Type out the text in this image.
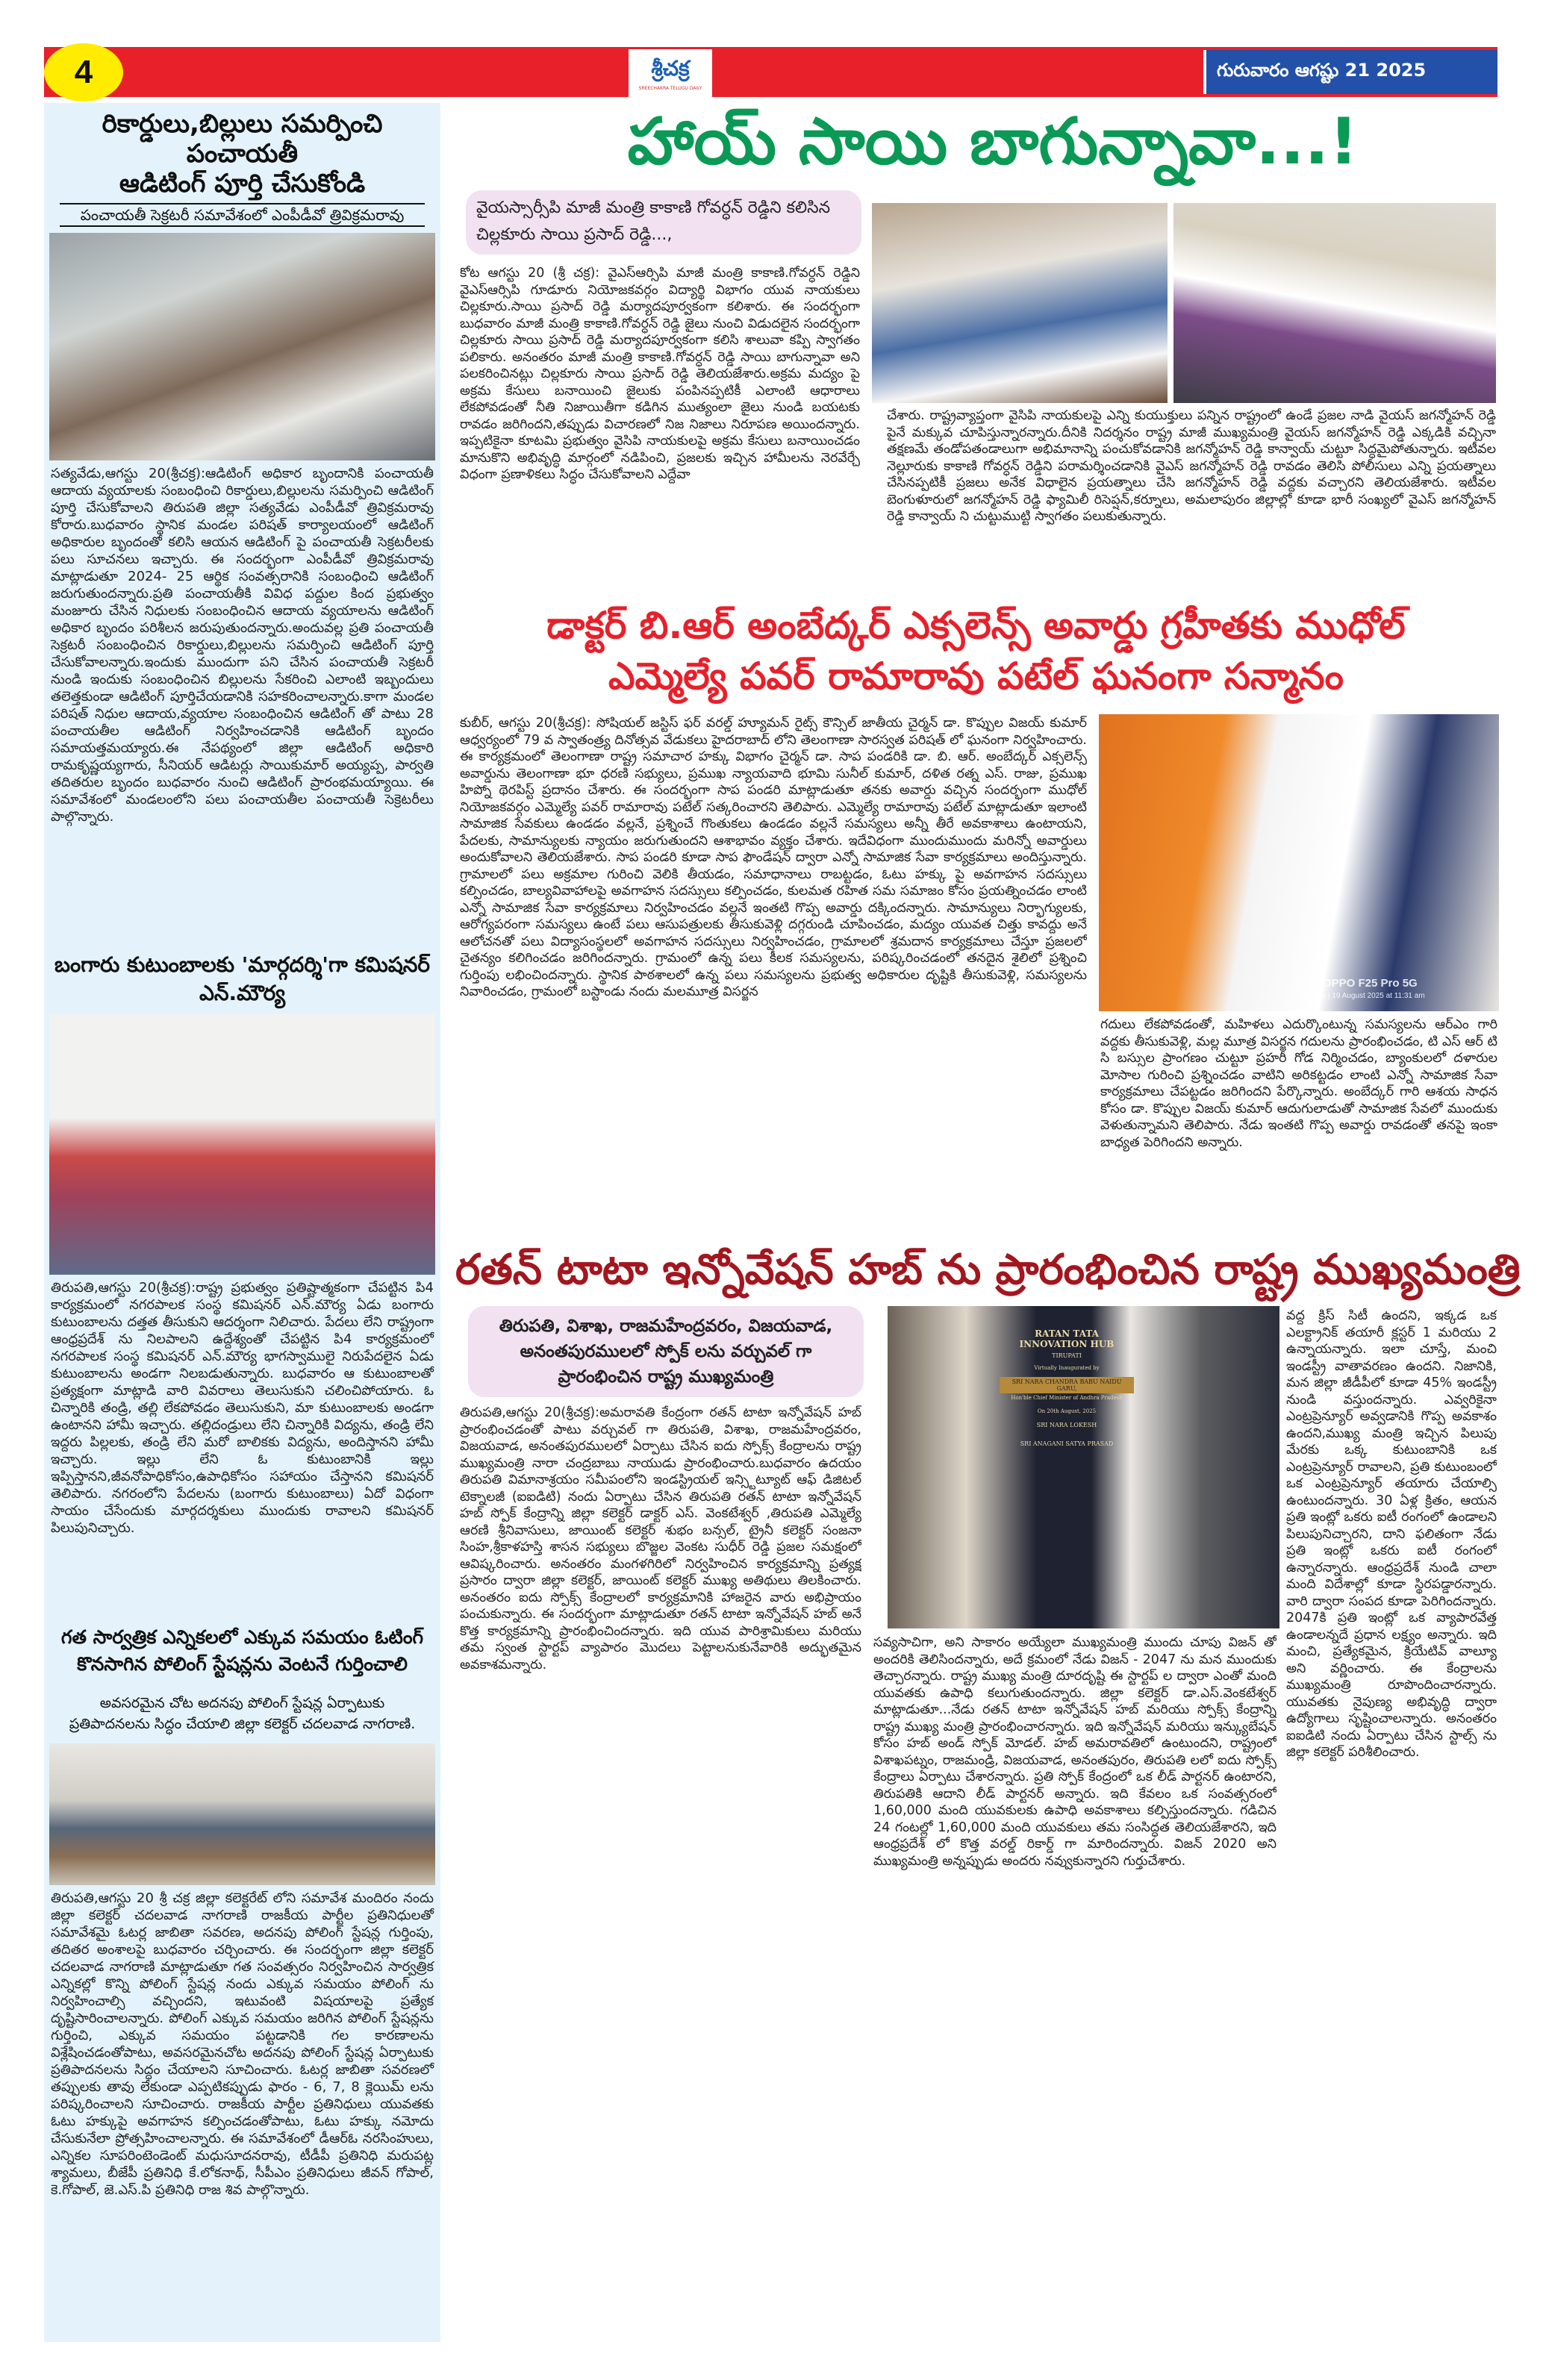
4	శ్రీచక్ర
SREECHAKRA TELUGU DAILY
గురువారం ఆగష్టు 21 2025
రికార్డులు,బిల్లులు సమర్పించి పంచాయతీ
ఆడిటింగ్ పూర్తి చేసుకోండి
పంచాయతీ సెక్రటరీ సమావేశంలో ఎంపీడీవో త్రివిక్రమరావు
సత్యవేడు,ఆగస్టు 20(శ్రీచక్ర):ఆడిటింగ్ అధికార బృందానికి పంచాయతీ ఆదాయ వ్యయాలకు సంబంధించి రికార్డులు,బిల్లులను సమర్పించి ఆడిటింగ్ పూర్తి చేసుకోవాలని తిరుపతి జిల్లా సత్యవేడు ఎంపీడీవో త్రివిక్రమరావు కోరారు.బుధవారం స్థానిక మండల పరిషత్ కార్యాలయంలో ఆడిటింగ్ అధికారుల బృందంతో కలిసి ఆయన ఆడిటింగ్ పై పంచాయతీ సెక్రటరీలకు పలు సూచనలు ఇచ్చారు. ఈ సందర్భంగా ఎంపీడీవో త్రివిక్రమరావు మాట్లాడుతూ 2024- 25 ఆర్థిక సంవత్సరానికి సంబంధించి ఆడిటింగ్ జరుగుతుందన్నారు.ప్రతి పంచాయతీకి వివిధ పద్దుల కింద ప్రభుత్వం మంజూరు చేసిన నిధులకు సంబంధించిన ఆదాయ వ్యయాలను ఆడిటింగ్ అధికార బృందం పరిశీలన జరుపుతుందన్నారు.అందువల్ల ప్రతి పంచాయతీ సెక్రటరీ సంబంధించిన రికార్డులు,బిల్లులను సమర్పించి ఆడిటింగ్ పూర్తి చేసుకోవాలన్నారు.ఇందుకు ముందుగా పని చేసిన పంచాయతీ సెక్రటరీ నుండి ఇందుకు సంబంధించిన బిల్లులను సేకరించి ఎలాంటి ఇబ్బందులు తలెత్తకుండా ఆడిటింగ్ పూర్తిచేయడానికి సహకరించాలన్నారు.కాగా మండల పరిషత్ నిధుల ఆదాయ,వ్యయాల సంబంధించిన ఆడిటింగ్ తో పాటు 28 పంచాయతీల ఆడిటింగ్ నిర్వహించడానికి ఆడిటింగ్ బృందం సమాయత్తమయ్యారు.ఈ నేపథ్యంలో జిల్లా ఆడిటింగ్ అధికారి రామకృష్ణయ్యగారు, సీనియర్ ఆడిటర్లు సాయికుమార్ అయ్యప్ప, పార్వతి తదితరుల బృందం బుధవారం నుంచి ఆడిటింగ్ ప్రారంభమయ్యాయి. ఈ సమావేశంలో మండలంలోని పలు పంచాయతీల పంచాయతీ సెక్రెటరీలు పాల్గొన్నారు.
బంగారు కుటుంబాలకు 'మార్గదర్శి'గా కమిషనర్ ఎన్.మౌర్య
తిరుపతి,ఆగస్టు 20(శ్రీచక్ర):రాష్ట్ర ప్రభుత్వం ప్రతిష్టాత్మకంగా చేపట్టిన పి4 కార్యక్రమంలో నగరపాలక సంస్థ కమిషనర్ ఎన్.మౌర్య ఏడు బంగారు కుటుంబాలను దత్తత తీసుకుని ఆదర్శంగా నిలిచారు. పేదలు లేని రాష్ట్రంగా ఆంధ్రప్రదేశ్ ను నిలపాలని ఉద్దేశ్యంతో చేపట్టిన పి4 కార్యక్రమంలో నగరపాలక సంస్థ కమిషనర్ ఎన్.మౌర్య భాగస్వాములై నిరుపేదలైన ఏడు కుటుంబాలను అండగా నిలబడుతున్నారు. బుధవారం ఆ కుటుంబాలతో ప్రత్యక్షంగా మాట్లాడి వారి వివరాలు తెలుసుకుని చలించిపోయారు. ఓ చిన్నారికి తండ్రి, తల్లి లేకపోవడం తెలుసుకుని, మా కుటుంబాలకు అండగా ఉంటానని హామీ ఇచ్చారు. తల్లిదండ్రులు లేని చిన్నారికి విద్యను, తండ్రి లేని ఇద్దరు పిల్లలకు, తండ్రి లేని మరో బాలికకు విద్యను, అందిస్తానని హామీ ఇచ్చారు. ఇల్లు లేని ఓ కుటుంబానికి ఇల్లు ఇప్పిస్తానని,జీవనోపాధికోసం,ఉపాధికోసం సహాయం చేస్తానని కమిషనర్ తెలిపారు. నగరంలోని పేదలను (బంగారు కుటుంబాలు) ఏదో విధంగా సాయం చేసేందుకు మార్గదర్శకులు ముందుకు రావాలని కమిషనర్ పిలుపునిచ్చారు.
గత సార్వత్రిక ఎన్నికలలో ఎక్కువ సమయం ఓటింగ్
కొనసాగిన పోలింగ్ స్టేషన్లను వెంటనే గుర్తించాలి
అవసరమైన చోట అదనపు పోలింగ్ స్టేషన్ల ఏర్పాటుకు
ప్రతిపాదనలను సిద్ధం చేయాలి జిల్లా కలెక్టర్ చదలవాడ నాగరాణి.
తిరుపతి,ఆగస్టు 20 శ్రీ చక్ర జిల్లా కలెక్టరేట్ లోని సమావేశ మందిరం నందు జిల్లా కలెక్టర్ చదలవాడ నాగరాణి రాజకీయ పార్టీల ప్రతినిధులతో సమావేశమై ఓటర్ల జాబితా సవరణ, అదనపు పోలింగ్ స్టేషన్ల గుర్తింపు, తదితర అంశాలపై బుధవారం చర్చించారు. ఈ సందర్భంగా జిల్లా కలెక్టర్ చదలవాడ నాగరాణి మాట్లాడుతూ గత సంవత్సరం నిర్వహించిన సార్వత్రిక ఎన్నికల్లో కొన్ని పోలింగ్ స్టేషన్ల నందు ఎక్కువ సమయం పోలింగ్ ను నిర్వహించాల్సి వచ్చిందని, ఇటువంటి విషయాలపై ప్రత్యేక దృష్టిసారించాలన్నారు. పోలింగ్ ఎక్కువ సమయం జరిగిన పోలింగ్ స్టేషన్లను గుర్తించి, ఎక్కువ సమయం పట్టడానికి గల కారణాలను విశ్లేషించడంతోపాటు, అవసరమైనచోట అదనపు పోలింగ్ స్టేషన్ల ఏర్పాటుకు ప్రతిపాదనలను సిద్ధం చేయాలని సూచించారు. ఓటర్ల జాబితా సవరణలో తప్పులకు తావు లేకుండా ఎప్పటికప్పుడు ఫారం - 6, 7, 8 క్లెయిమ్ లను పరిష్కరించాలని సూచించారు. రాజకీయ పార్టీల ప్రతినిధులు యువతకు ఓటు హక్కుపై అవగాహన కల్పించడంతోపాటు, ఓటు హక్కు నమోదు చేసుకునేలా ప్రోత్సహించాలన్నారు. ఈ సమావేశంలో డీఆర్ఓ నరసింహులు, ఎన్నికల సూపరింటెండెంట్ మధుసూదనరావు, టీడీపీ ప్రతినిధి మరుపట్ల శ్యామలు, బీజేపీ ప్రతినిధి కే.లోకనాథ్, సీపీఎం ప్రతినిధులు జీవన్ గోపాల్, కె.గోపాల్, జె.ఎస్.పి ప్రతినిధి రాజ శివ పాల్గొన్నారు.
హాయ్ సాయి బాగున్నావా...!
వైయస్సార్సీపి మాజీ మంత్రి కాకాణి గోవర్ధన్ రెడ్డిని కలిసిన చిల్లకూరు సాయి ప్రసాద్ రెడ్డి...,
కోట ఆగస్టు 20 (శ్రీ చక్ర): వైఎస్ఆర్సిపి మాజీ మంత్రి కాకాణి.గోవర్ధన్ రెడ్డిని వైఎస్ఆర్సిపి గూడూరు నియోజకవర్గం విద్యార్థి విభాగం యువ నాయకులు చిల్లకూరు.సాయి ప్రసాద్ రెడ్డి మర్యాదపూర్వకంగా కలిశారు. ఈ సందర్భంగా బుధవారం మాజీ మంత్రి కాకాణి.గోవర్ధన్ రెడ్డి జైలు నుంచి విడుదలైన సందర్భంగా చిల్లకూరు సాయి ప్రసాద్ రెడ్డి మర్యాదపూర్వకంగా కలిసి శాలువా కప్పి స్వాగతం పలికారు. అనంతరం మాజీ మంత్రి కాకాణి.గోవర్ధన్ రెడ్డి సాయి బాగున్నావా అని పలకరించినట్లు చిల్లకూరు సాయి ప్రసాద్ రెడ్డి తెలియజేశారు.అక్రమ మద్యం పై అక్రమ కేసులు బనాయించి జైలుకు పంపినప్పటికీ ఎలాంటి ఆధారాలు లేకపోవడంతో నీతి నిజాయితీగా కడిగిన ముత్యంలా జైలు నుండి బయటకు రావడం జరిగిందని,తప్పుడు విచారణలో నిజ నిజాలు నిరూపణ అయిందన్నారు. ఇప్పటికైనా కూటమి ప్రభుత్వం వైసిపి నాయకులపై అక్రమ కేసులు బనాయించడం మానుకొని అభివృద్ధి మార్గంలో నడిపించి, ప్రజలకు ఇచ్చిన హామీలను నెరవేర్చే విధంగా ప్రణాళికలు సిద్ధం చేసుకోవాలని ఎద్దేవా
చేశారు. రాష్ట్రవ్యాప్తంగా వైసిపి నాయకులపై ఎన్ని కుయుక్తులు పన్నిన రాష్ట్రంలో ఉండే ప్రజల నాడి వైయస్ జగన్మోహన్ రెడ్డి పైనే మక్కువ చూపిస్తున్నారన్నారు.దీనికి నిదర్శనం రాష్ట్ర మాజీ ముఖ్యమంత్రి వైయస్ జగన్మోహన్ రెడ్డి ఎక్కడికి వచ్చినా తక్షణమే తండోపతండాలుగా అభిమానాన్ని పంచుకోవడానికి జగన్మోహన్ రెడ్డి కాన్వాయ్ చుట్టూ సిద్ధమైపోతున్నారు. ఇటీవల నెల్లూరుకు కాకాణి గోవర్ధన్ రెడ్డిని పరామర్శించడానికి వైఎస్ జగన్మోహన్ రెడ్డి రావడం తెలిసి పోలీసులు ఎన్ని ప్రయత్నాలు చేసినప్పటికీ ప్రజలు అనేక విధాలైన ప్రయత్నాలు చేసి జగన్మోహన్ రెడ్డి వద్దకు వచ్చారని తెలియజేశారు. ఇటీవల బెంగుళూరులో జగన్మోహన్ రెడ్డి ఫ్యామిలీ రిసెప్షన్,కర్నూలు, అమలాపురం జిల్లాల్లో కూడా భారీ సంఖ్యలో వైఎస్ జగన్మోహన్ రెడ్డి కాన్వాయ్ ని చుట్టుముట్టి స్వాగతం పలుకుతున్నారు.
డాక్టర్ బి.ఆర్ అంబేద్కర్ ఎక్సలెన్స్ అవార్డు గ్రహీతకు ముధోల్
ఎమ్మెల్యే పవర్ రామారావు పటేల్ ఘనంగా సన్మానం
కుబీర్, ఆగస్టు 20(శ్రీచక్ర): సోషియల్ జస్టిస్ ఫర్ వరల్డ్ హ్యూమన్ రైట్స్ కౌన్సిల్ జాతీయ చైర్మన్ డా. కొప్పుల విజయ్ కుమార్ ఆధ్వర్యంలో 79 వ స్వాతంత్ర్య దినోత్సవ వేడుకలు హైదరాబాద్ లోని తెలంగాణా సారస్వత పరిషత్ లో ఘనంగా నిర్వహించారు. ఈ కార్యక్రమంలో తెలంగాణా రాష్ట్ర సమాచార హక్కు విభాగం చైర్మన్ డా. సాప పండరికి డా. బి. ఆర్. అంబేద్కర్ ఎక్సలెన్స్ అవార్డును తెలంగాణా భూ ధరణి సభ్యులు, ప్రముఖ న్యాయవాది భూమి సునీల్ కుమార్, దళిత రత్న ఎస్. రాజు, ప్రముఖ హిప్నో థెరపిస్ట్ ప్రదానం చేశారు. ఈ సందర్భంగా సాప పండరి మాట్లాడుతూ తనకు అవార్డు వచ్చిన సందర్భంగా ముధోల్ నియోజకవర్గం ఎమ్మెల్యే పవర్ రామారావు పటేల్ సత్కరించారని తెలిపారు. ఎమ్మెల్యే రామారావు పటేల్ మాట్లాడుతూ ఇలాంటి సామాజిక సేవకులు ఉండడం వల్లనే, ప్రశ్నించే గొంతుకలు ఉండడం వల్లనే సమస్యలు అన్నీ తీరే అవకాశాలు ఉంటాయని, పేదలకు, సామాన్యులకు న్యాయం జరుగుతుందని ఆశాభావం వ్యక్తం చేశారు. ఇదేవిధంగా ముందుముందు మరిన్నో అవార్డులు అందుకోవాలని తెలియజేశారు. సాప పండరి కూడా సాప ఫౌండేషన్ ద్వారా ఎన్నో సామాజిక సేవా కార్యక్రమాలు అందిస్తున్నారు. గ్రామాలలో పలు అక్రమాల గురించి వెలికి తీయడం, సమాధానాలు రాబట్టడం, ఓటు హక్కు పై అవగాహన సదస్సులు కల్పించడం, బాల్యవివాహాలపై అవగాహన సదస్సులు కల్పించడం, కులమత రహిత సమ సమాజం కోసం ప్రయత్నించడం లాంటి ఎన్నో సామాజిక సేవా కార్యక్రమాలు నిర్వహించడం వల్లనే ఇంతటి గొప్ప అవార్డు దక్కిందన్నారు. సామాన్యులు నిర్భాగ్యులకు, ఆరోగ్యపరంగా సమస్యలు ఉంటే పలు ఆసుపత్రులకు తీసుకువెళ్లి దగ్గరుండి చూపించడం, మద్యం యువత చిత్తు కావద్దు అనే ఆలోచనతో పలు విద్యాసంస్థలలో అవగాహన సదస్సులు నిర్వహించడం, గ్రామాలలో శ్రమదాన కార్యక్రమాలు చేస్తూ ప్రజలలో చైతన్యం కలిగించడం జరిగిందన్నారు. గ్రామంలో ఉన్న పలు కీలక సమస్యలను, పరిష్కరించడంలో తనదైన శైలిలో ప్రశ్నించి గుర్తింపు లభించిందన్నారు. స్థానిక పాఠశాలలో ఉన్న పలు సమస్యలను ప్రభుత్వ అధికారుల దృష్టికి తీసుకువెళ్లి, సమస్యలను నివారించడం, గ్రామంలో బస్టాండు నందు మలమూత్ర విసర్జన
OPPO F25 Pro 5G
Bhainsa | 19 August 2025 at 11:31 am
గదులు లేకపోవడంతో, మహిళలు ఎదుర్కొంటున్న సమస్యలను ఆర్ఎం గారి వద్దకు తీసుకువెళ్లి, మల్ల మూత్ర విసర్జన గదులను ప్రారంభించడం, టి ఎస్ ఆర్ టి సి బస్సుల ప్రాంగణం చుట్టూ ప్రహరీ గోడ నిర్మించడం, బ్యాంకులలో దళారుల మోసాల గురించి ప్రశ్నించడం వాటిని అరికట్టడం లాంటి ఎన్నో సామాజిక సేవా కార్యక్రమాలు చేపట్టడం జరిగిందని పేర్కొన్నారు. అంబేద్కర్ గారి ఆశయ సాధన కోసం డా. కొప్పుల విజయ్ కుమార్ ఆదుగులాడుతో సామాజిక సేవలో ముందుకు వెళుతున్నామని తెలిపారు. నేడు ఇంతటి గొప్ప అవార్డు రావడంతో తనపై ఇంకా బాధ్యత పెరిగిందని అన్నారు.
రతన్ టాటా ఇన్నోవేషన్ హబ్ ను ప్రారంభించిన రాష్ట్ర ముఖ్యమంత్రి
తిరుపతి, విశాఖ, రాజమహేంద్రవరం, విజయవాడ, అనంతపురములలో స్పోక్ లను వర్చువల్ గా ప్రారంభించిన రాష్ట్ర ముఖ్యమంత్రి
తిరుపతి,ఆగస్టు 20(శ్రీచక్ర):అమరావతి కేంద్రంగా రతన్ టాటా ఇన్నోవేషన్ హబ్ ప్రారంభించడంతో పాటు వర్చువల్ గా తిరుపతి, విశాఖ, రాజమహేంద్రవరం, విజయవాడ, అనంతపురములలో ఏర్పాటు చేసిన ఐదు స్పోక్స్ కేంద్రాలను రాష్ట్ర ముఖ్యమంత్రి నారా చంద్రబాబు నాయుడు ప్రారంభించారు.బుధవారం ఉదయం తిరుపతి విమానాశ్రయం సమీపంలోని ఇండస్ట్రియల్ ఇన్స్టిట్యూట్ ఆఫ్ డిజిటల్ టెక్నాలజీ (ఐఐడిటి) నందు ఏర్పాటు చేసిన తిరుపతి రతన్ టాటా ఇన్నోవేషన్ హబ్ స్పోక్ కేంద్రాన్ని జిల్లా కలెక్టర్ డాక్టర్ ఎస్. వెంకటేశ్వర్ ,తిరుపతి ఎమ్మెల్యే ఆరణి శ్రీనివాసులు, జాయింట్ కలెక్టర్ శుభం బన్సల్, ట్రైనీ కలెక్టర్ సంజనా సింహ,శ్రీకాళహస్తి శాసన సభ్యులు బొజ్జల వెంకట సుధీర్ రెడ్డి ప్రజల సమక్షంలో ఆవిష్కరించారు. అనంతరం మంగళగిరిలో నిర్వహించిన కార్యక్రమాన్ని ప్రత్యక్ష ప్రసారం ద్వారా జిల్లా కలెక్టర్, జాయింట్ కలెక్టర్ ముఖ్య అతిథులు తిలకించారు. అనంతరం ఐదు స్పోక్స్ కేంద్రాలలో కార్యక్రమానికి హాజరైన వారు అభిప్రాయం పంచుకున్నారు. ఈ సందర్భంగా మాట్లాడుతూ రతన్ టాటా ఇన్నోవేషన్ హబ్ అనే కొత్త కార్యక్రమాన్ని ప్రారంభించిందన్నారు. ఇది యువ పారిశ్రామికులు మరియు తమ స్వంత స్టార్టప్ వ్యాపారం మొదలు పెట్టాలనుకునేవారికి అద్భుతమైన అవకాశమన్నారు.
RATAN TATA INNOVATION HUB
TIRUPATI
Virtually Inaugurated by
SRI NARA CHANDRA BABU NAIDU GARU,
Hon'ble Chief Minister of Andhra Pradesh
On 20th August, 2025
SRI NARA LOKESH
SRI ANAGANI SATYA PRASAD
సవ్యసాచిగా, అని సాకారం అయ్యేలా ముఖ్యమంత్రి ముందు చూపు విజన్ తో అందరికి తెలిసిందన్నారు, అదే క్రమంలో నేడు విజన్ - 2047 ను మన ముందుకు తెచ్చారన్నారు. రాష్ట్ర ముఖ్య మంత్రి దూరదృష్టి ఈ స్టార్టప్ ల ద్వారా ఎంతో మంది యువతకు ఉపాధి కలుగుతుందన్నారు. జిల్లా కలెక్టర్ డా.ఎస్.వెంకటేశ్వర్ మాట్లాడుతూ...నేడు రతన్ టాటా ఇన్నోవేషన్ హబ్ మరియు స్పోక్స్ కేంద్రాన్ని రాష్ట్ర ముఖ్య మంత్రి ప్రారంభించారన్నారు. ఇది ఇన్నోవేషన్ మరియు ఇన్క్యుబేషన్ కోసం హబ్ అండ్ స్పోక్ మోడల్. హబ్ అమరావతిలో ఉంటుందని, రాష్ట్రంలో విశాఖపట్నం, రాజమండ్రి, విజయవాడ, అనంతపురం, తిరుపతి లలో ఐదు స్పోక్స్ కేంద్రాలు ఏర్పాటు చేశారన్నారు. ప్రతి స్పోక్ కేంద్రంలో ఒక లీడ్ పార్టనర్ ఉంటారని, తిరుపతికి ఆదాని లీడ్ పార్టనర్ అన్నారు. ఇది కేవలం ఒక సంవత్సరంలో 1,60,000 మంది యువకులకు ఉపాధి అవకాశాలు కల్పిస్తుందన్నారు. గడిచిన 24 గంటల్లో 1,60,000 మంది యువకులు తమ సంసిద్ధత తెలియజేశారని, ఇది ఆంధ్రప్రదేశ్ లో కొత్త వరల్డ్ రికార్డ్ గా మారిందన్నారు. విజన్ 2020 అని ముఖ్యమంత్రి అన్నప్పుడు అందరు నవ్వుకున్నారని గుర్తుచేశారు.
వద్ద క్రిస్ సిటీ ఉందని, ఇక్కడ ఒక ఎలక్ట్రానిక్ తయారీ క్లస్టర్ 1 మరియు 2 ఉన్నాయన్నారు. ఇలా చూస్తే, మంచి ఇండస్ట్రీ వాతావరణం ఉందని. నిజానికి, మన జిల్లా జీడీపీలో కూడా 45% ఇండస్ట్రీ నుండి వస్తుందన్నారు. ఎవ్వరికైనా ఎంట్రప్రెన్యూర్ అవ్వడానికి గొప్ప అవకాశం ఉందని,ముఖ్య మంత్రి ఇచ్చిన పిలుపు మేరకు ఒక్క కుటుంబానికి ఒక ఎంట్రప్రెన్యూర్ రావాలని, ప్రతి కుటుంబంలో ఒక ఎంట్రప్రెన్యూర్ తయారు చేయాల్సి ఉంటుందన్నారు. 30 ఏళ్ల క్రితం, ఆయన ప్రతి ఇంట్లో ఒకరు ఐటీ రంగంలో ఉండాలని పిలుపునిచ్చారని, దాని ఫలితంగా నేడు ప్రతి ఇంట్లో ఒకరు ఐటీ రంగంలో ఉన్నారన్నారు. ఆంధ్రప్రదేశ్ నుండి చాలా మంది విదేశాల్లో కూడా స్థిరపడ్డారన్నారు. వారి ద్వారా సంపద కూడా పెరిగిందన్నారు. 2047కి ప్రతి ఇంట్లో ఒక వ్యాపారవేత్త ఉండాలన్నదే ప్రధాన లక్ష్యం అన్నారు. ఇది మంచి, ప్రత్యేకమైన, క్రియేటివ్ వాల్యూ అని వర్ణించారు. ఈ కేంద్రాలను ముఖ్యమంత్రి రూపొందించారన్నారు. యువతకు నైపుణ్య అభివృద్ధి ద్వారా ఉద్యోగాలు సృష్టించాలన్నారు. అనంతరం ఐఐడిటి నందు ఏర్పాటు చేసిన స్టాల్స్ ను జిల్లా కలెక్టర్ పరిశీలించారు.
